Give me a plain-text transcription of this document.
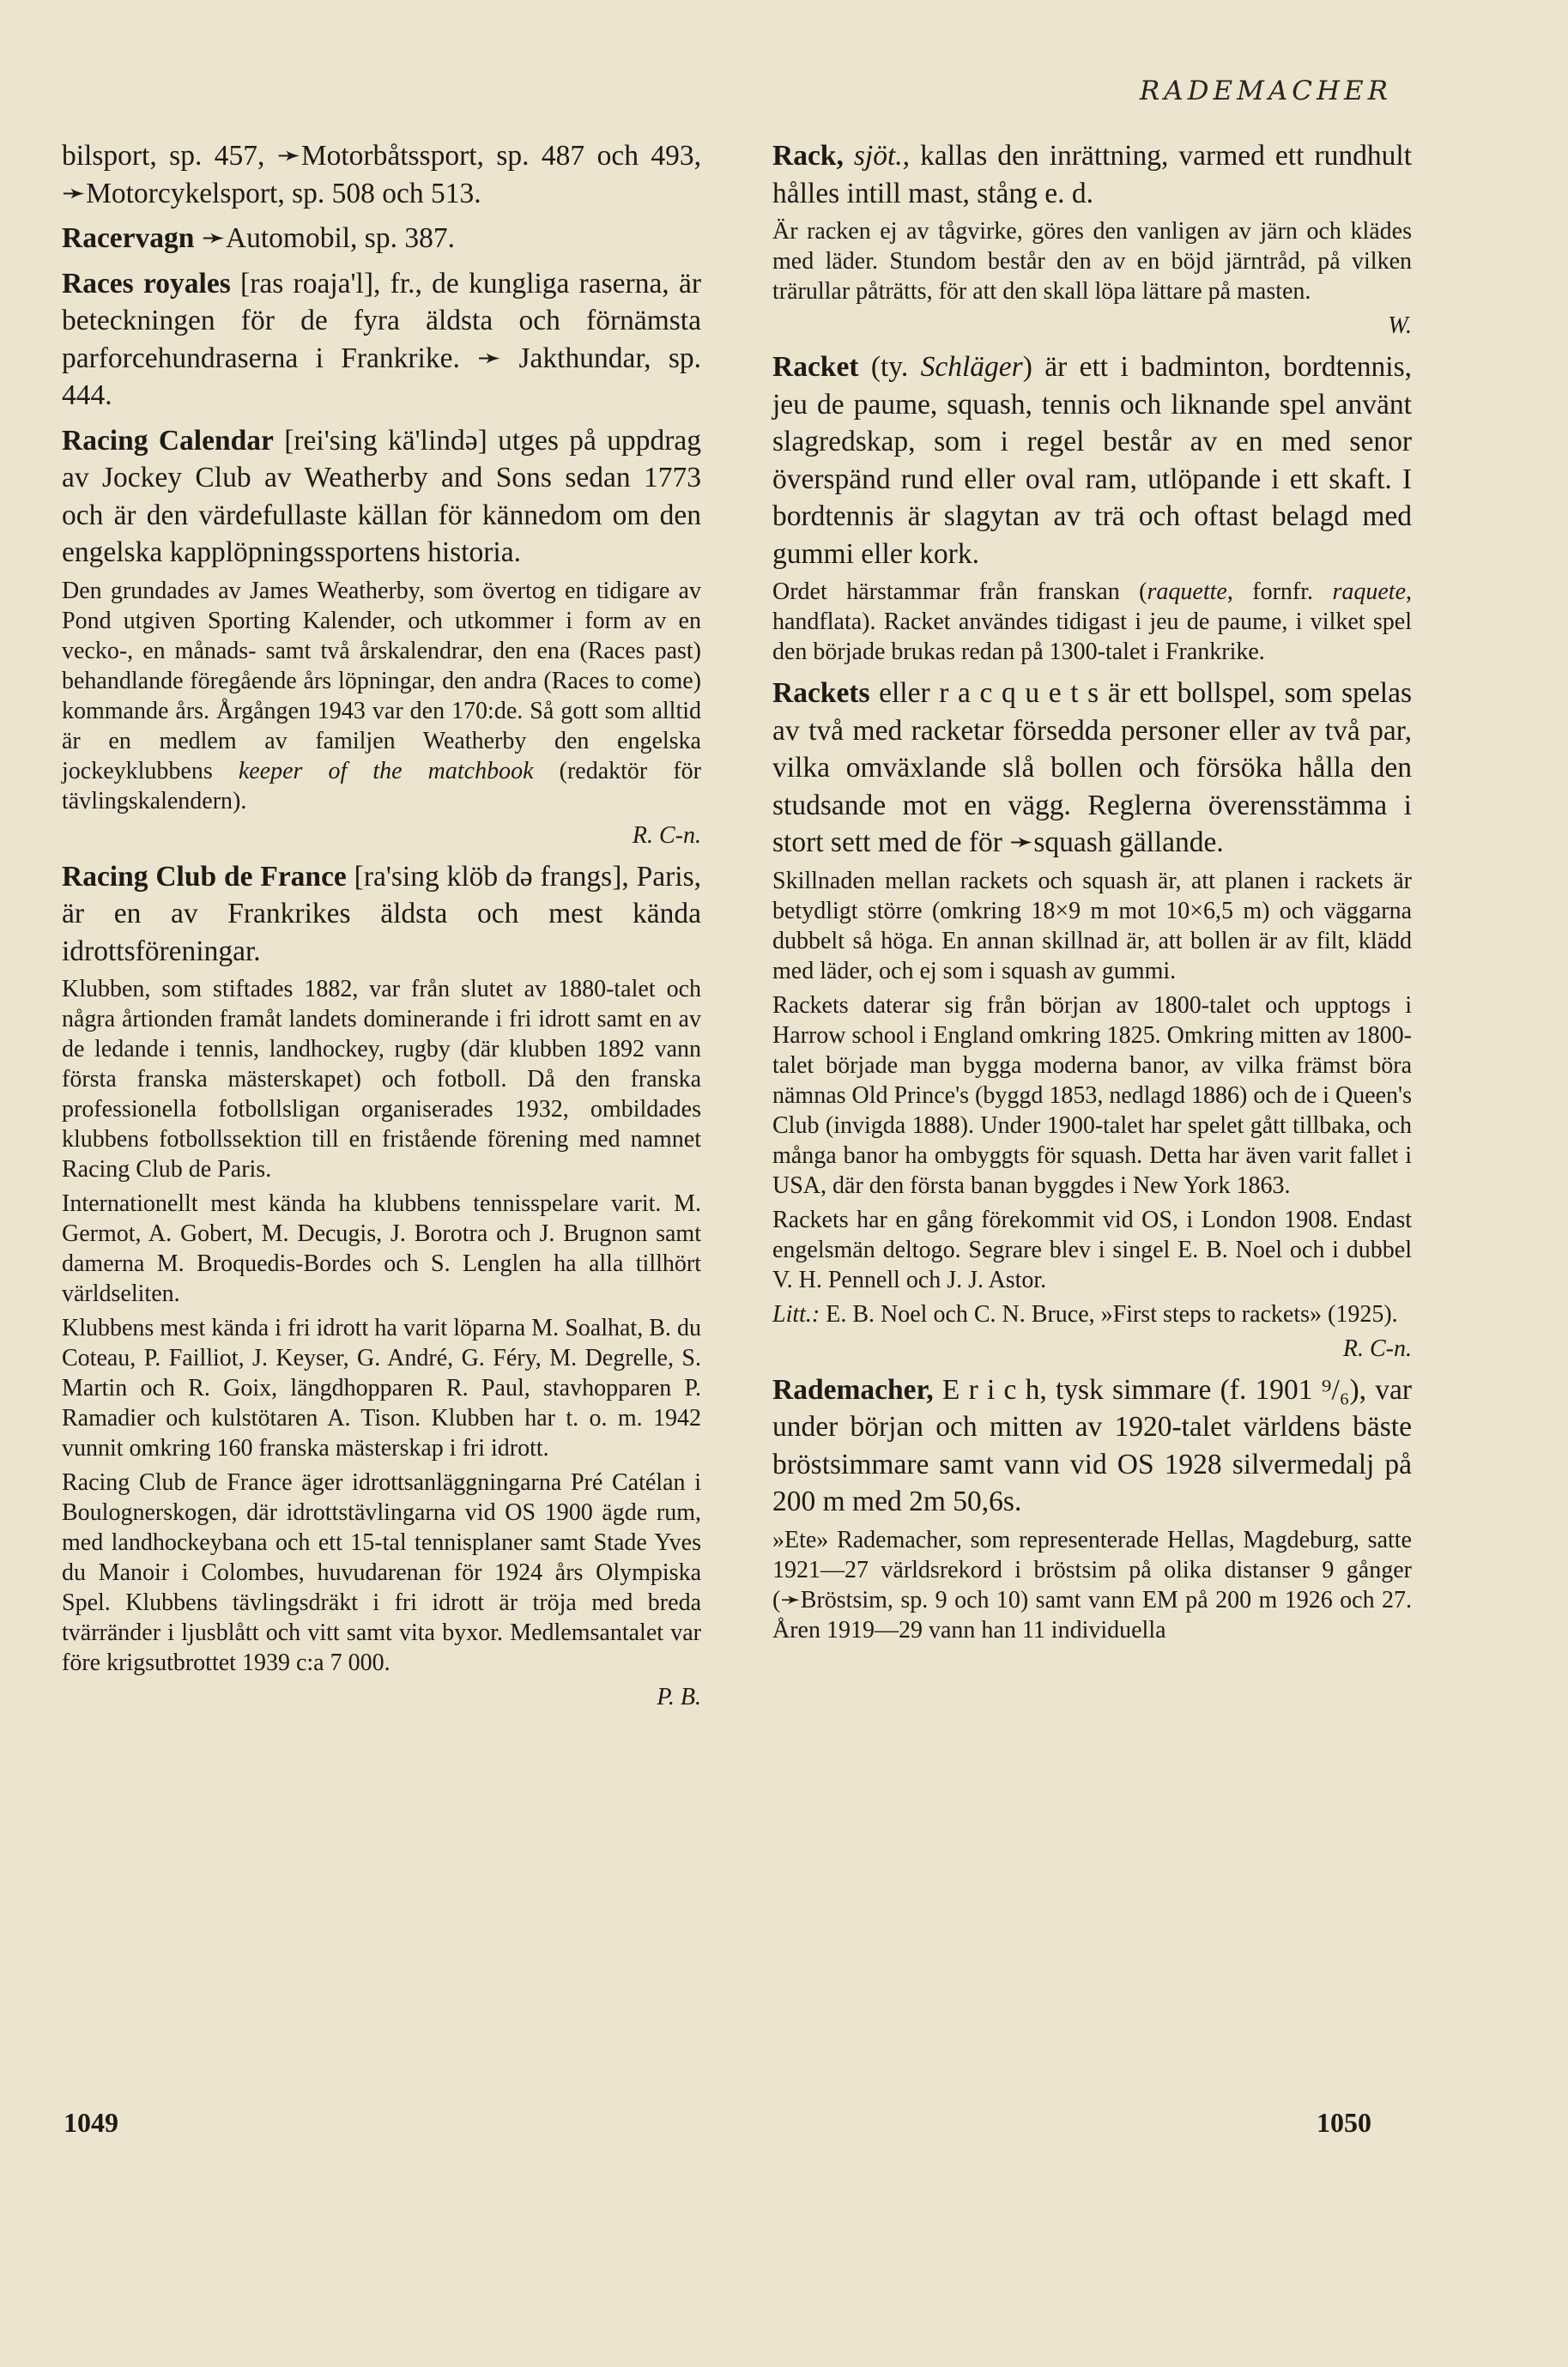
RADEMACHER

bilsport, sp. 457, ➛Motorbåtssport, sp. 487 och 493, ➛Motorcykelsport, sp. 508 och 513.

Racervagn ➛Automobil, sp. 387.

Races royales [ras roaja'l], fr., de kungliga raserna, är beteckningen för de fyra äldsta och förnämsta parforcehundraserna i Frankrike. ➛ Jakthundar, sp. 444.

Racing Calendar [rei'sing kä'lində] utges på uppdrag av Jockey Club av Weatherby and Sons sedan 1773 och är den värdefullaste källan för kännedom om den engelska kapplöpningssportens historia.

Den grundades av James Weatherby, som övertog en tidigare av Pond utgiven Sporting Kalender, och utkommer i form av en vecko-, en månads- samt två årskalendrar, den ena (Races past) behandlande föregående års löpningar, den andra (Races to come) kommande års. Årgången 1943 var den 170:de. Så gott som alltid är en medlem av familjen Weatherby den engelska jockeyklubbens keeper of the matchbook (redaktör för tävlingskalendern).

R. C-n.

Racing Club de France [ra'sing klöb də frangs], Paris, är en av Frankrikes äldsta och mest kända idrottsföreningar.

Klubben, som stiftades 1882, var från slutet av 1880-talet och några årtionden framåt landets dominerande i fri idrott samt en av de ledande i tennis, landhockey, rugby (där klubben 1892 vann första franska mästerskapet) och fotboll. Då den franska professionella fotbollsligan organiserades 1932, ombildades klubbens fotbollssektion till en fristående förening med namnet Racing Club de Paris.

Internationellt mest kända ha klubbens tennisspelare varit. M. Germot, A. Gobert, M. Decugis, J. Borotra och J. Brugnon samt damerna M. Broquedis-Bordes och S. Lenglen ha alla tillhört världseliten.

Klubbens mest kända i fri idrott ha varit löparna M. Soalhat, B. du Coteau, P. Failliot, J. Keyser, G. André, G. Féry, M. Degrelle, S. Martin och R. Goix, längdhopparen R. Paul, stavhopparen P. Ramadier och kulstötaren A. Tison. Klubben har t. o. m. 1942 vunnit omkring 160 franska mästerskap i fri idrott.

Racing Club de France äger idrottsanläggningarna Pré Catélan i Boulognerskogen, där idrottstävlingarna vid OS 1900 ägde rum, med landhockeybana och ett 15-tal tennisplaner samt Stade Yves du Manoir i Colombes, huvudarenan för 1924 års Olympiska Spel. Klubbens tävlingsdräkt i fri idrott är tröja med breda tvärränder i ljusblått och vitt samt vita byxor. Medlemsantalet var före krigsutbrottet 1939 c:a 7 000.

P. B.

Rack, sjöt., kallas den inrättning, varmed ett rundhult hålles intill mast, stång e. d.

Är racken ej av tågvirke, göres den vanligen av järn och klädes med läder. Stundom består den av en böjd järntråd, på vilken trärullar påträtts, för att den skall löpa lättare på masten.

W.

Racket (ty. Schläger) är ett i badminton, bordtennis, jeu de paume, squash, tennis och liknande spel använt slagredskap, som i regel består av en med senor överspänd rund eller oval ram, utlöpande i ett skaft. I bordtennis är slagytan av trä och oftast belagd med gummi eller kork.

Ordet härstammar från franskan (raquette, fornfr. raquete, handflata). Racket användes tidigast i jeu de paume, i vilket spel den började brukas redan på 1300-talet i Frankrike.

Rackets eller r a c q u e t s är ett bollspel, som spelas av två med racketar försedda personer eller av två par, vilka omväxlande slå bollen och försöka hålla den studsande mot en vägg. Reglerna överensstämma i stort sett med de för ➛squash gällande.

Skillnaden mellan rackets och squash är, att planen i rackets är betydligt större (omkring 18×9 m mot 10×6,5 m) och väggarna dubbelt så höga. En annan skillnad är, att bollen är av filt, klädd med läder, och ej som i squash av gummi.

Rackets daterar sig från början av 1800-talet och upptogs i Harrow school i England omkring 1825. Omkring mitten av 1800-talet började man bygga moderna banor, av vilka främst böra nämnas Old Prince's (byggd 1853, nedlagd 1886) och de i Queen's Club (invigda 1888). Under 1900-talet har spelet gått tillbaka, och många banor ha ombyggts för squash. Detta har även varit fallet i USA, där den första banan byggdes i New York 1863.

Rackets har en gång förekommit vid OS, i London 1908. Endast engelsmän deltogo. Segrare blev i singel E. B. Noel och i dubbel V. H. Pennell och J. J. Astor.

Litt.: E. B. Noel och C. N. Bruce, »First steps to rackets» (1925).

R. C-n.

Rademacher, E r i c h, tysk simmare (f. 1901 ⁹/₆), var under början och mitten av 1920-talet världens bäste bröstsimmare samt vann vid OS 1928 silvermedalj på 200 m med 2m 50,6s.

»Ete» Rademacher, som representerade Hellas, Magdeburg, satte 1921—27 världsrekord i bröstsim på olika distanser 9 gånger (➛Bröstsim, sp. 9 och 10) samt vann EM på 200 m 1926 och 27. Åren 1919—29 vann han 11 individuella

1049	1050
